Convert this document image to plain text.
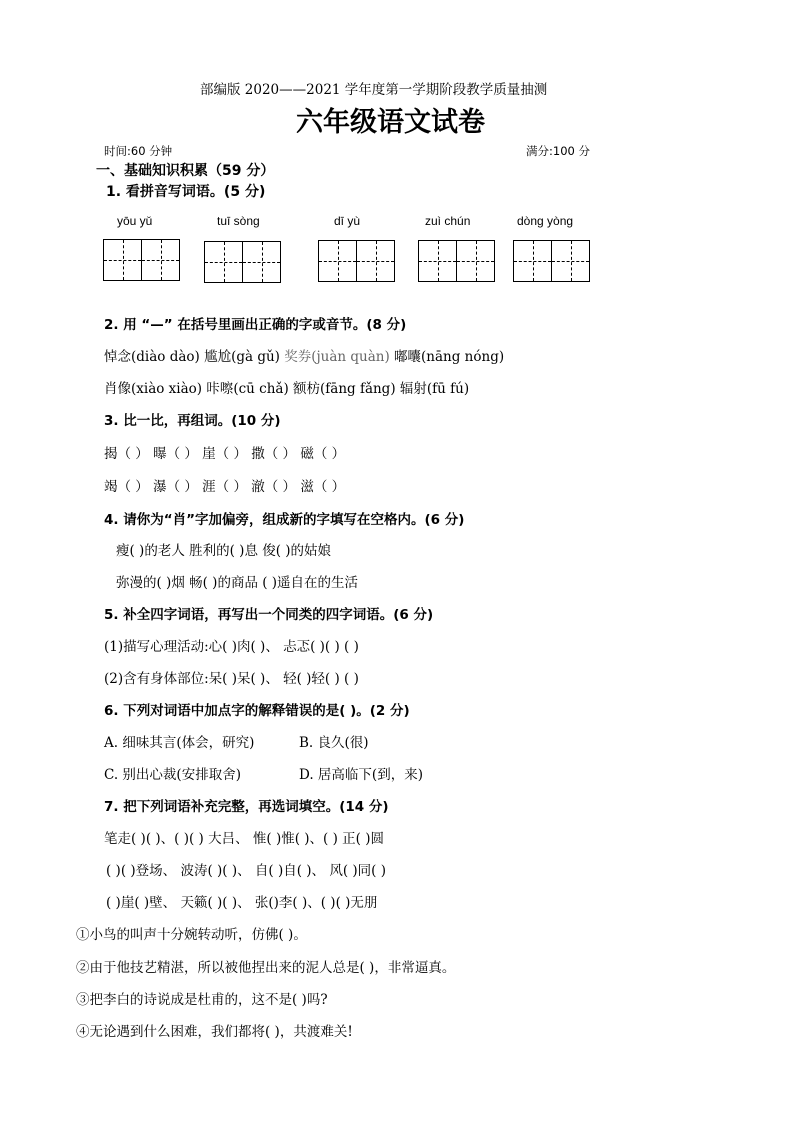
部编版 2020——2021 学年度第一学期阶段教学质量抽测
六年级语文试卷
时间:60 分钟	满分:100 分
一、基础知识积累（59 分）
1. 看拼音写词语。(5 分)
yōu yǔ	tuī sòng	dī yù	zuì chún	dòng yòng
2. 用 “—” 在括号里画出正确的字或音节。(8 分)
悼念(diào dào) 尴尬(gà gǔ) 奖券(juàn quàn) 嘟囔(nāng nóng)
肖像(xiào xiào) 咔嚓(cū chǎ) 额枋(fāng fǎng) 辐射(fū fú)
3. 比一比，再组词。(10 分)
揭（ ） 曝（ ） 崖（ ） 撒（ ） 磁（ ）
竭（ ） 瀑（ ） 涯（ ） 澈（ ） 滋（ ）
4. 请你为“肖”字加偏旁，组成新的字填写在空格内。(6 分)
瘦( )的老人 胜利的( )息 俊( )的姑娘
弥漫的( )烟 畅( )的商品 ( )遥自在的生活
5. 补全四字词语，再写出一个同类的四字词语。(6 分)
(1)描写心理活动:心( )肉( )、 忐忑( )( ) ( )
(2)含有身体部位:呆( )呆( )、 轻( )轻( ) ( )
6. 下列对词语中加点字的解释错误的是( )。(2 分)
A. 细味其言(体会，研究)	B. 良久(很)
C. 别出心裁(安排取舍)	D. 居高临下(到，来)
7. 把下列词语补充完整，再选词填空。(14 分)
笔走( )( )、( )( ) 大吕、 惟( )惟( )、( ) 正( )圆
( )( )登场、 波涛( )( )、 自( )自( )、 风( )同( )
( )崖( )壁、 天籁( )( )、 张()李( )、( )( )无朋
①小鸟的叫声十分婉转动听，仿佛( )。
②由于他技艺精湛，所以被他捏出来的泥人总是( )，非常逼真。
③把李白的诗说成是杜甫的，这不是( )吗?
④无论遇到什么困难，我们都将( )，共渡难关!
